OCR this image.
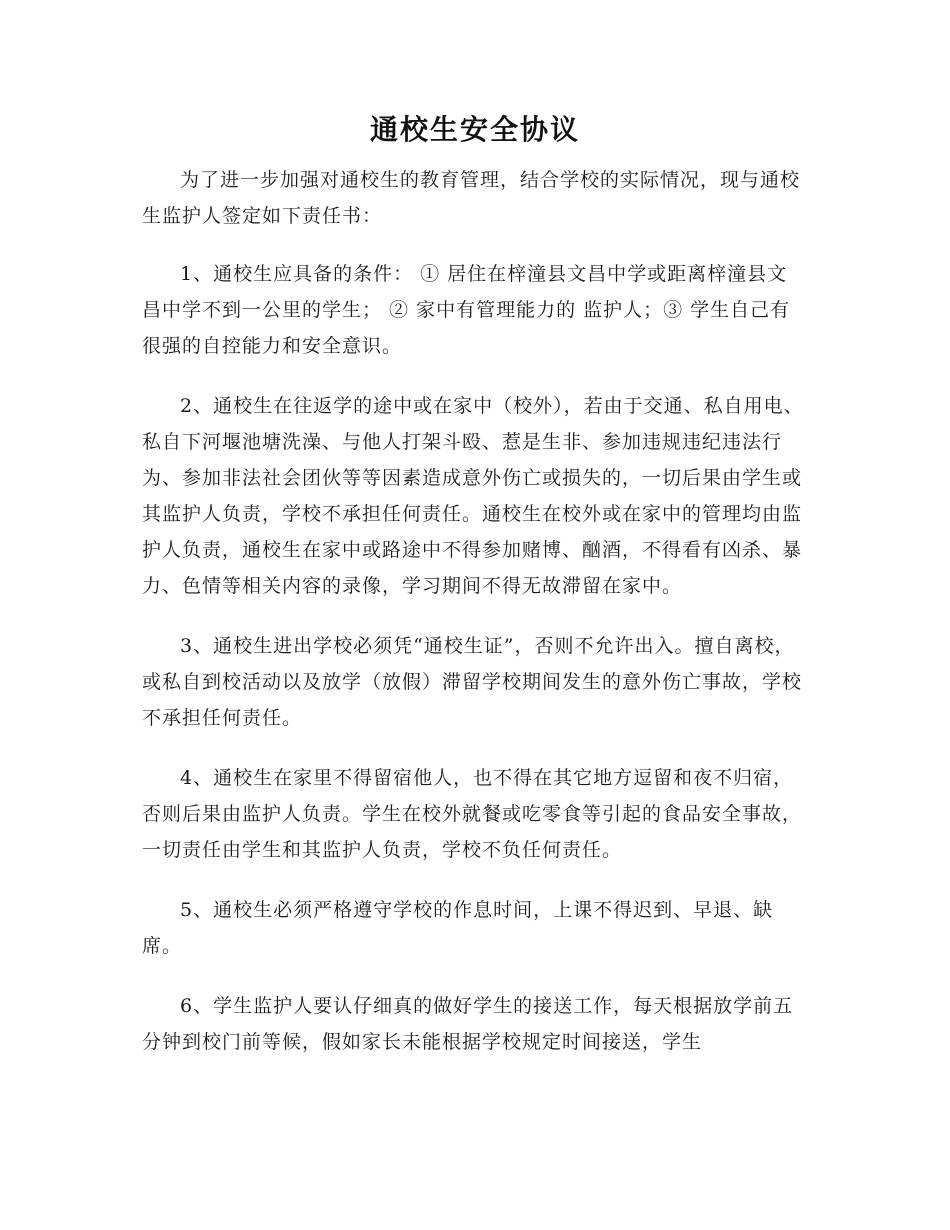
通校生安全协议

为了进一步加强对通校生的教育管理，结合学校的实际情况，现与通校生监护人签定如下责任书：

1、通校生应具备的条件： ① 居住在梓潼县文昌中学或距离梓潼县文昌中学不到一公里的学生； ② 家中有管理能力的 监护人；③ 学生自己有很强的自控能力和安全意识。

2、通校生在往返学的途中或在家中（校外），若由于交通、私自用电、私自下河堰池塘洗澡、与他人打架斗殴、惹是生非、参加违规违纪违法行为、参加非法社会团伙等等因素造成意外伤亡或损失的，一切后果由学生或其监护人负责，学校不承担任何责任。通校生在校外或在家中的管理均由监护人负责，通校生在家中或路途中不得参加赌博、酗酒，不得看有凶杀、暴力、色情等相关内容的录像，学习期间不得无故滞留在家中。

3、通校生进出学校必须凭“通校生证”，否则不允许出入。擅自离校，或私自到校活动以及放学（放假）滞留学校期间发生的意外伤亡事故，学校不承担任何责任。

4、通校生在家里不得留宿他人，也不得在其它地方逗留和夜不归宿，否则后果由监护人负责。学生在校外就餐或吃零食等引起的食品安全事故，一切责任由学生和其监护人负责，学校不负任何责任。

5、通校生必须严格遵守学校的作息时间，上课不得迟到、早退、缺席。

6、学生监护人要认仔细真的做好学生的接送工作，每天根据放学前五分钟到校门前等候，假如家长未能根据学校规定时间接送，学生
